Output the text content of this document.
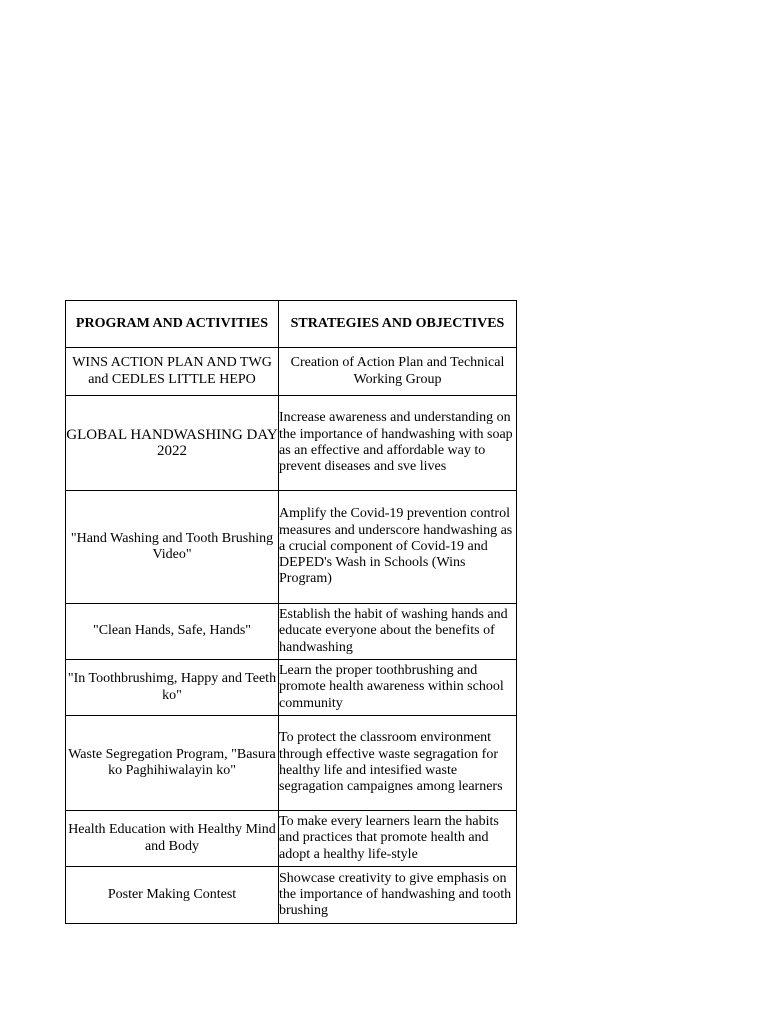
PROGRAM AND ACTIVITIES	STRATEGIES AND OBJECTIVES
WINS ACTION PLAN AND TWG and CEDLES LITTLE HEPO	Creation of Action Plan and Technical Working Group
GLOBAL HANDWASHING DAY 2022	Increase awareness and understanding on the importance of handwashing with soap as an effective and affordable way to prevent diseases and sve lives
"Hand Washing and Tooth Brushing Video"	Amplify the Covid-19 prevention control measures and underscore handwashing as a crucial component of Covid-19 and DEPED's Wash in Schools (Wins Program)
"Clean Hands, Safe, Hands"	Establish the habit of washing hands and educate everyone about the benefits of handwashing
"In Toothbrushimg, Happy and Teeth ko"	Learn the proper toothbrushing and promote health awareness within school community
Waste Segregation Program, "Basura ko Paghihiwalayin ko"	To protect the classroom environment through effective waste segragation for healthy life and intesified waste segragation campaignes among learners
Health Education with Healthy Mind and Body	To make every learners learn the habits and practices that promote health and adopt a healthy life-style
Poster Making Contest	Showcase creativity to give emphasis on the importance of handwashing and tooth brushing
